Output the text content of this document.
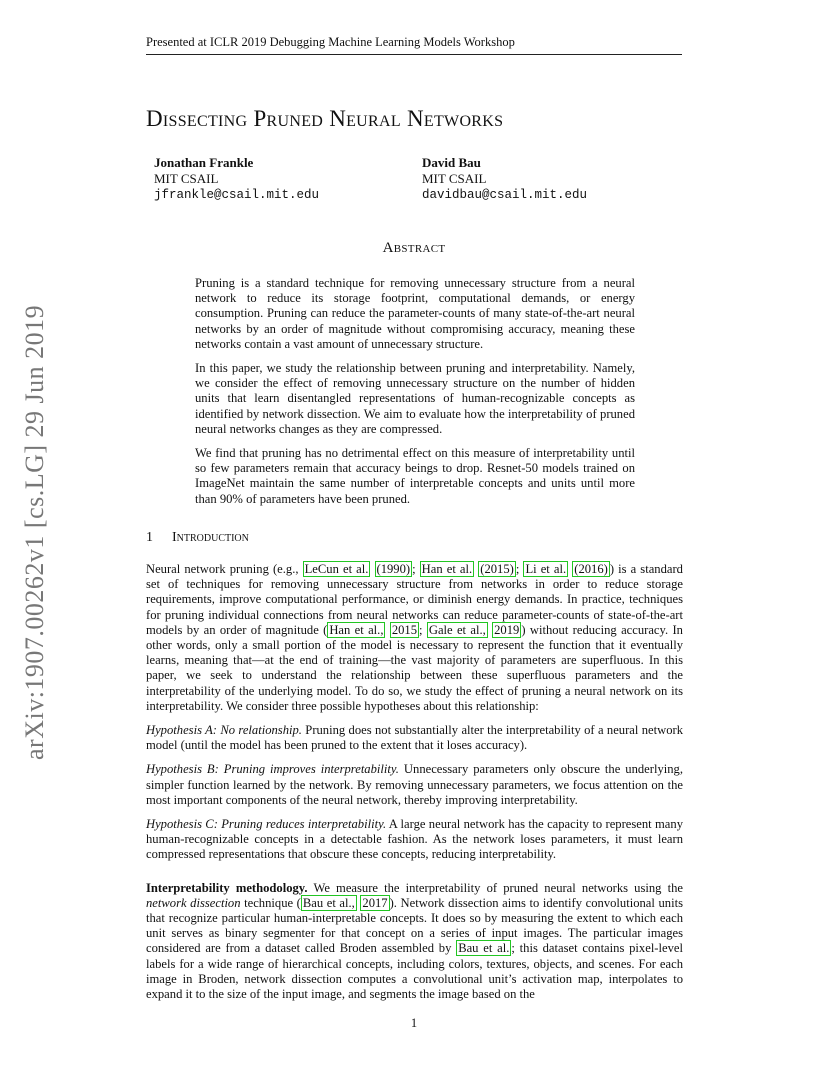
Presented at ICLR 2019 Debugging Machine Learning Models Workshop
arXiv:1907.00262v1 [cs.LG] 29 Jun 2019
Dissecting Pruned Neural Networks
Jonathan Frankle
MIT CSAIL
jfrankle@csail.mit.edu
David Bau
MIT CSAIL
davidbau@csail.mit.edu
Abstract

Pruning is a standard technique for removing unnecessary structure from a neural network to reduce its storage footprint, computational demands, or energy consumption. Pruning can reduce the parameter-counts of many state-of-the-art neural networks by an order of magnitude without compromising accuracy, meaning these networks contain a vast amount of unnecessary structure.

In this paper, we study the relationship between pruning and interpretability. Namely, we consider the effect of removing unnecessary structure on the number of hidden units that learn disentangled representations of human-recognizable concepts as identified by network dissection. We aim to evaluate how the interpretability of pruned neural networks changes as they are compressed.

We find that pruning has no detrimental effect on this measure of interpretability until so few parameters remain that accuracy beings to drop. Resnet-50 models trained on ImageNet maintain the same number of interpretable concepts and units until more than 90% of parameters have been pruned.

1 Introduction

Neural network pruning (e.g., LeCun et al. (1990) ; Han et al. (2015) ; Li et al. (2016) ) is a standard set of techniques for removing unnecessary structure from networks in order to reduce storage requirements, improve computational performance, or diminish energy demands. In practice, techniques for pruning individual connections from neural networks can reduce parameter-counts of state-of-the-art models by an order of magnitude ( Han et al., 2015 ; Gale et al., 2019 ) without reducing accuracy. In other words, only a small portion of the model is necessary to represent the function that it eventually learns, meaning that—at the end of training—the vast majority of parameters are superfluous. In this paper, we seek to understand the relationship between these superfluous parameters and the interpretability of the underlying model. To do so, we study the effect of pruning a neural network on its interpretability. We consider three possible hypotheses about this relationship:

Hypothesis A: No relationship. Pruning does not substantially alter the interpretability of a neural network model (until the model has been pruned to the extent that it loses accuracy).

Hypothesis B: Pruning improves interpretability. Unnecessary parameters only obscure the underlying, simpler function learned by the network. By removing unnecessary parameters, we focus attention on the most important components of the neural network, thereby improving interpretability.

Hypothesis C: Pruning reduces interpretability. A large neural network has the capacity to represent many human-recognizable concepts in a detectable fashion. As the network loses parameters, it must learn compressed representations that obscure these concepts, reducing interpretability.

Interpretability methodology. We measure the interpretability of pruned neural networks using the network dissection technique ( Bau et al., 2017 ). Network dissection aims to identify convolutional units that recognize particular human-interpretable concepts. It does so by measuring the extent to which each unit serves as binary segmenter for that concept on a series of input images. The particular images considered are from a dataset called Broden assembled by Bau et al. ; this dataset contains pixel-level labels for a wide range of hierarchical concepts, including colors, textures, objects, and scenes. For each image in Broden, network dissection computes a convolutional unit’s activation map, interpolates to expand it to the size of the input image, and segments the image based on the

1
